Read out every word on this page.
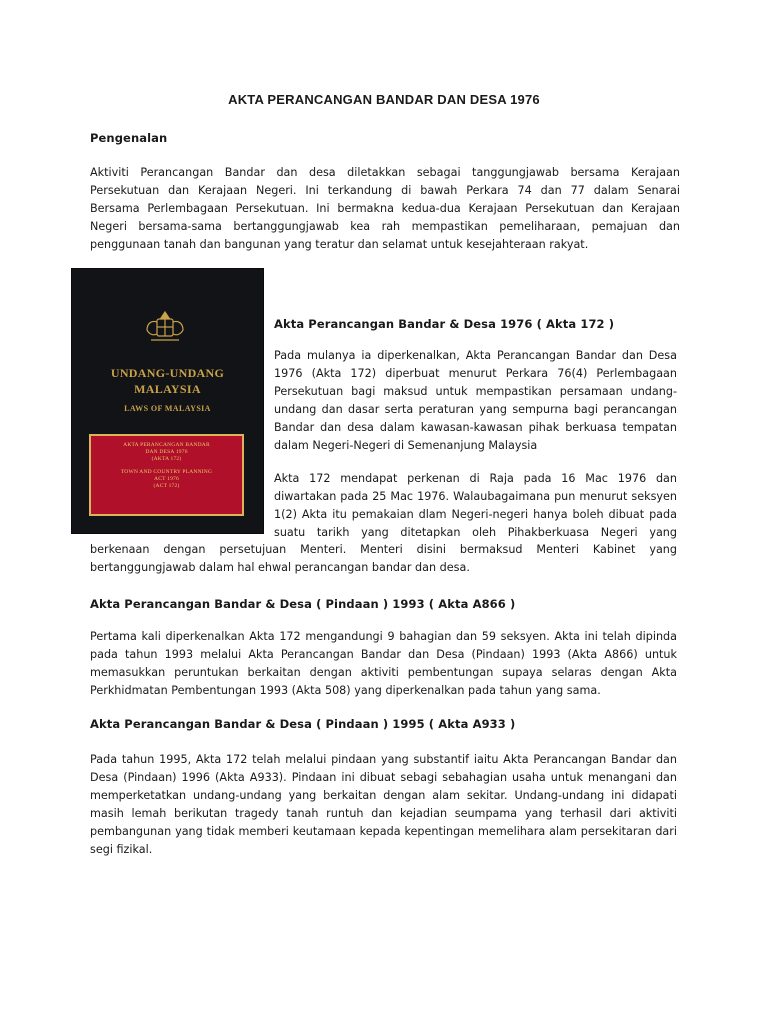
AKTA PERANCANGAN BANDAR DAN DESA 1976
Pengenalan
Aktiviti Perancangan Bandar dan desa diletakkan sebagai tanggungjawab bersama Kerajaan
Persekutuan dan Kerajaan Negeri. Ini terkandung di bawah Perkara 74 dan 77 dalam Senarai
Bersama Perlembagaan Persekutuan. Ini bermakna kedua-dua Kerajaan Persekutuan dan Kerajaan
Negeri bersama-sama bertanggungjawab kea rah mempastikan pemeliharaan, pemajuan dan
penggunaan tanah dan bangunan yang teratur dan selamat untuk kesejahteraan rakyat.
UNDANG-UNDANG
MALAYSIA
LAWS OF MALAYSIA
AKTA PERANCANGAN BANDAR
DAN DESA 1976
(AKTA 172)
TOWN AND COUNTRY PLANNING
ACT 1976
(ACT 172)
Akta Perancangan Bandar & Desa 1976 ( Akta 172 )
Pada mulanya ia diperkenalkan, Akta Perancangan Bandar dan Desa
1976 (Akta 172) diperbuat menurut Perkara 76(4) Perlembagaan
Persekutuan bagi maksud untuk mempastikan persamaan undang-
undang dan dasar serta peraturan yang sempurna bagi perancangan
Bandar dan desa dalam kawasan-kawasan pihak berkuasa tempatan
dalam Negeri-Negeri di Semenanjung Malaysia
Akta 172 mendapat perkenan di Raja pada 16 Mac 1976 dan
diwartakan pada 25 Mac 1976. Walaubagaimana pun menurut seksyen
1(2) Akta itu pemakaian dlam Negeri-negeri hanya boleh dibuat pada
suatu tarikh yang ditetapkan oleh Pihakberkuasa Negeri yang
berkenaan dengan persetujuan Menteri. Menteri disini bermaksud Menteri Kabinet yang
bertanggungjawab dalam hal ehwal perancangan bandar dan desa.
Akta Perancangan Bandar & Desa ( Pindaan ) 1993 ( Akta A866 )
Pertama kali diperkenalkan Akta 172 mengandungi 9 bahagian dan 59 seksyen. Akta ini telah dipinda
pada tahun 1993 melalui Akta Perancangan Bandar dan Desa (Pindaan) 1993 (Akta A866) untuk
memasukkan peruntukan berkaitan dengan aktiviti pembentungan supaya selaras dengan Akta
Perkhidmatan Pembentungan 1993 (Akta 508) yang diperkenalkan pada tahun yang sama.
Akta Perancangan Bandar & Desa ( Pindaan ) 1995 ( Akta A933 )
Pada tahun 1995, Akta 172 telah melalui pindaan yang substantif iaitu Akta Perancangan Bandar dan
Desa (Pindaan) 1996 (Akta A933). Pindaan ini dibuat sebagi sebahagian usaha untuk menangani dan
memperketatkan undang-undang yang berkaitan dengan alam sekitar. Undang-undang ini didapati
masih lemah berikutan tragedy tanah runtuh dan kejadian seumpama yang terhasil dari aktiviti
pembangunan yang tidak memberi keutamaan kepada kepentingan memelihara alam persekitaran dari
segi fizikal.
